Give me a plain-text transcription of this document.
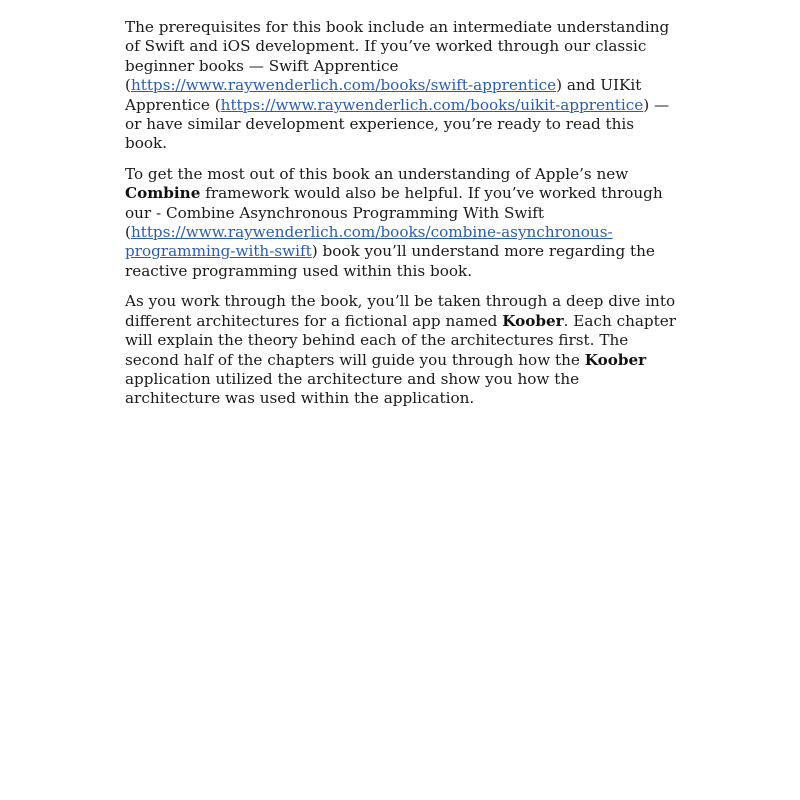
The prerequisites for this book include an intermediate understanding of Swift and iOS development. If you’ve worked through our classic beginner books — Swift Apprentice (https://www.raywenderlich.com/books/swift-apprentice) and UIKit Apprentice (https://www.raywenderlich.com/books/uikit-apprentice) — or have similar development experience, you’re ready to read this book.

To get the most out of this book an understanding of Apple’s new Combine framework would also be helpful. If you’ve worked through our - Combine Asynchronous Programming With Swift (https://www.raywenderlich.com/books/combine-asynchronous-programming-with-swift) book you’ll understand more regarding the reactive programming used within this book.

As you work through the book, you’ll be taken through a deep dive into different architectures for a fictional app named Koober. Each chapter will explain the theory behind each of the architectures first. The second half of the chapters will guide you through how the Koober application utilized the architecture and show you how the architecture was used within the application.
